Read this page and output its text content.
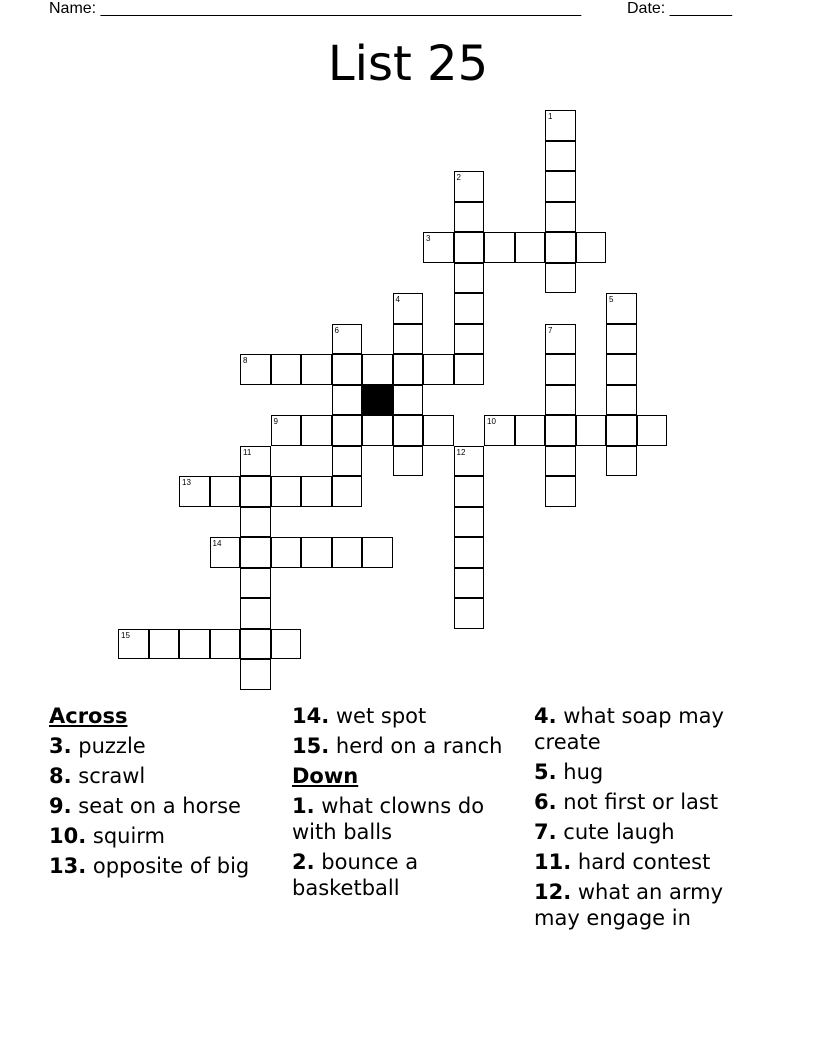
Name: ______________________________________________________	Date: _______
List 25
1
2
3
4	5
6	7
8
9	10
11	12
13
14
15
Across
3. puzzle
8. scrawl
9. seat on a horse
10. squirm
13. opposite of big
14. wet spot
15. herd on a ranch
Down
1. what clowns do with balls
2. bounce a basketball
4. what soap may create
5. hug
6. not first or last
7. cute laugh
11. hard contest
12. what an army may engage in
